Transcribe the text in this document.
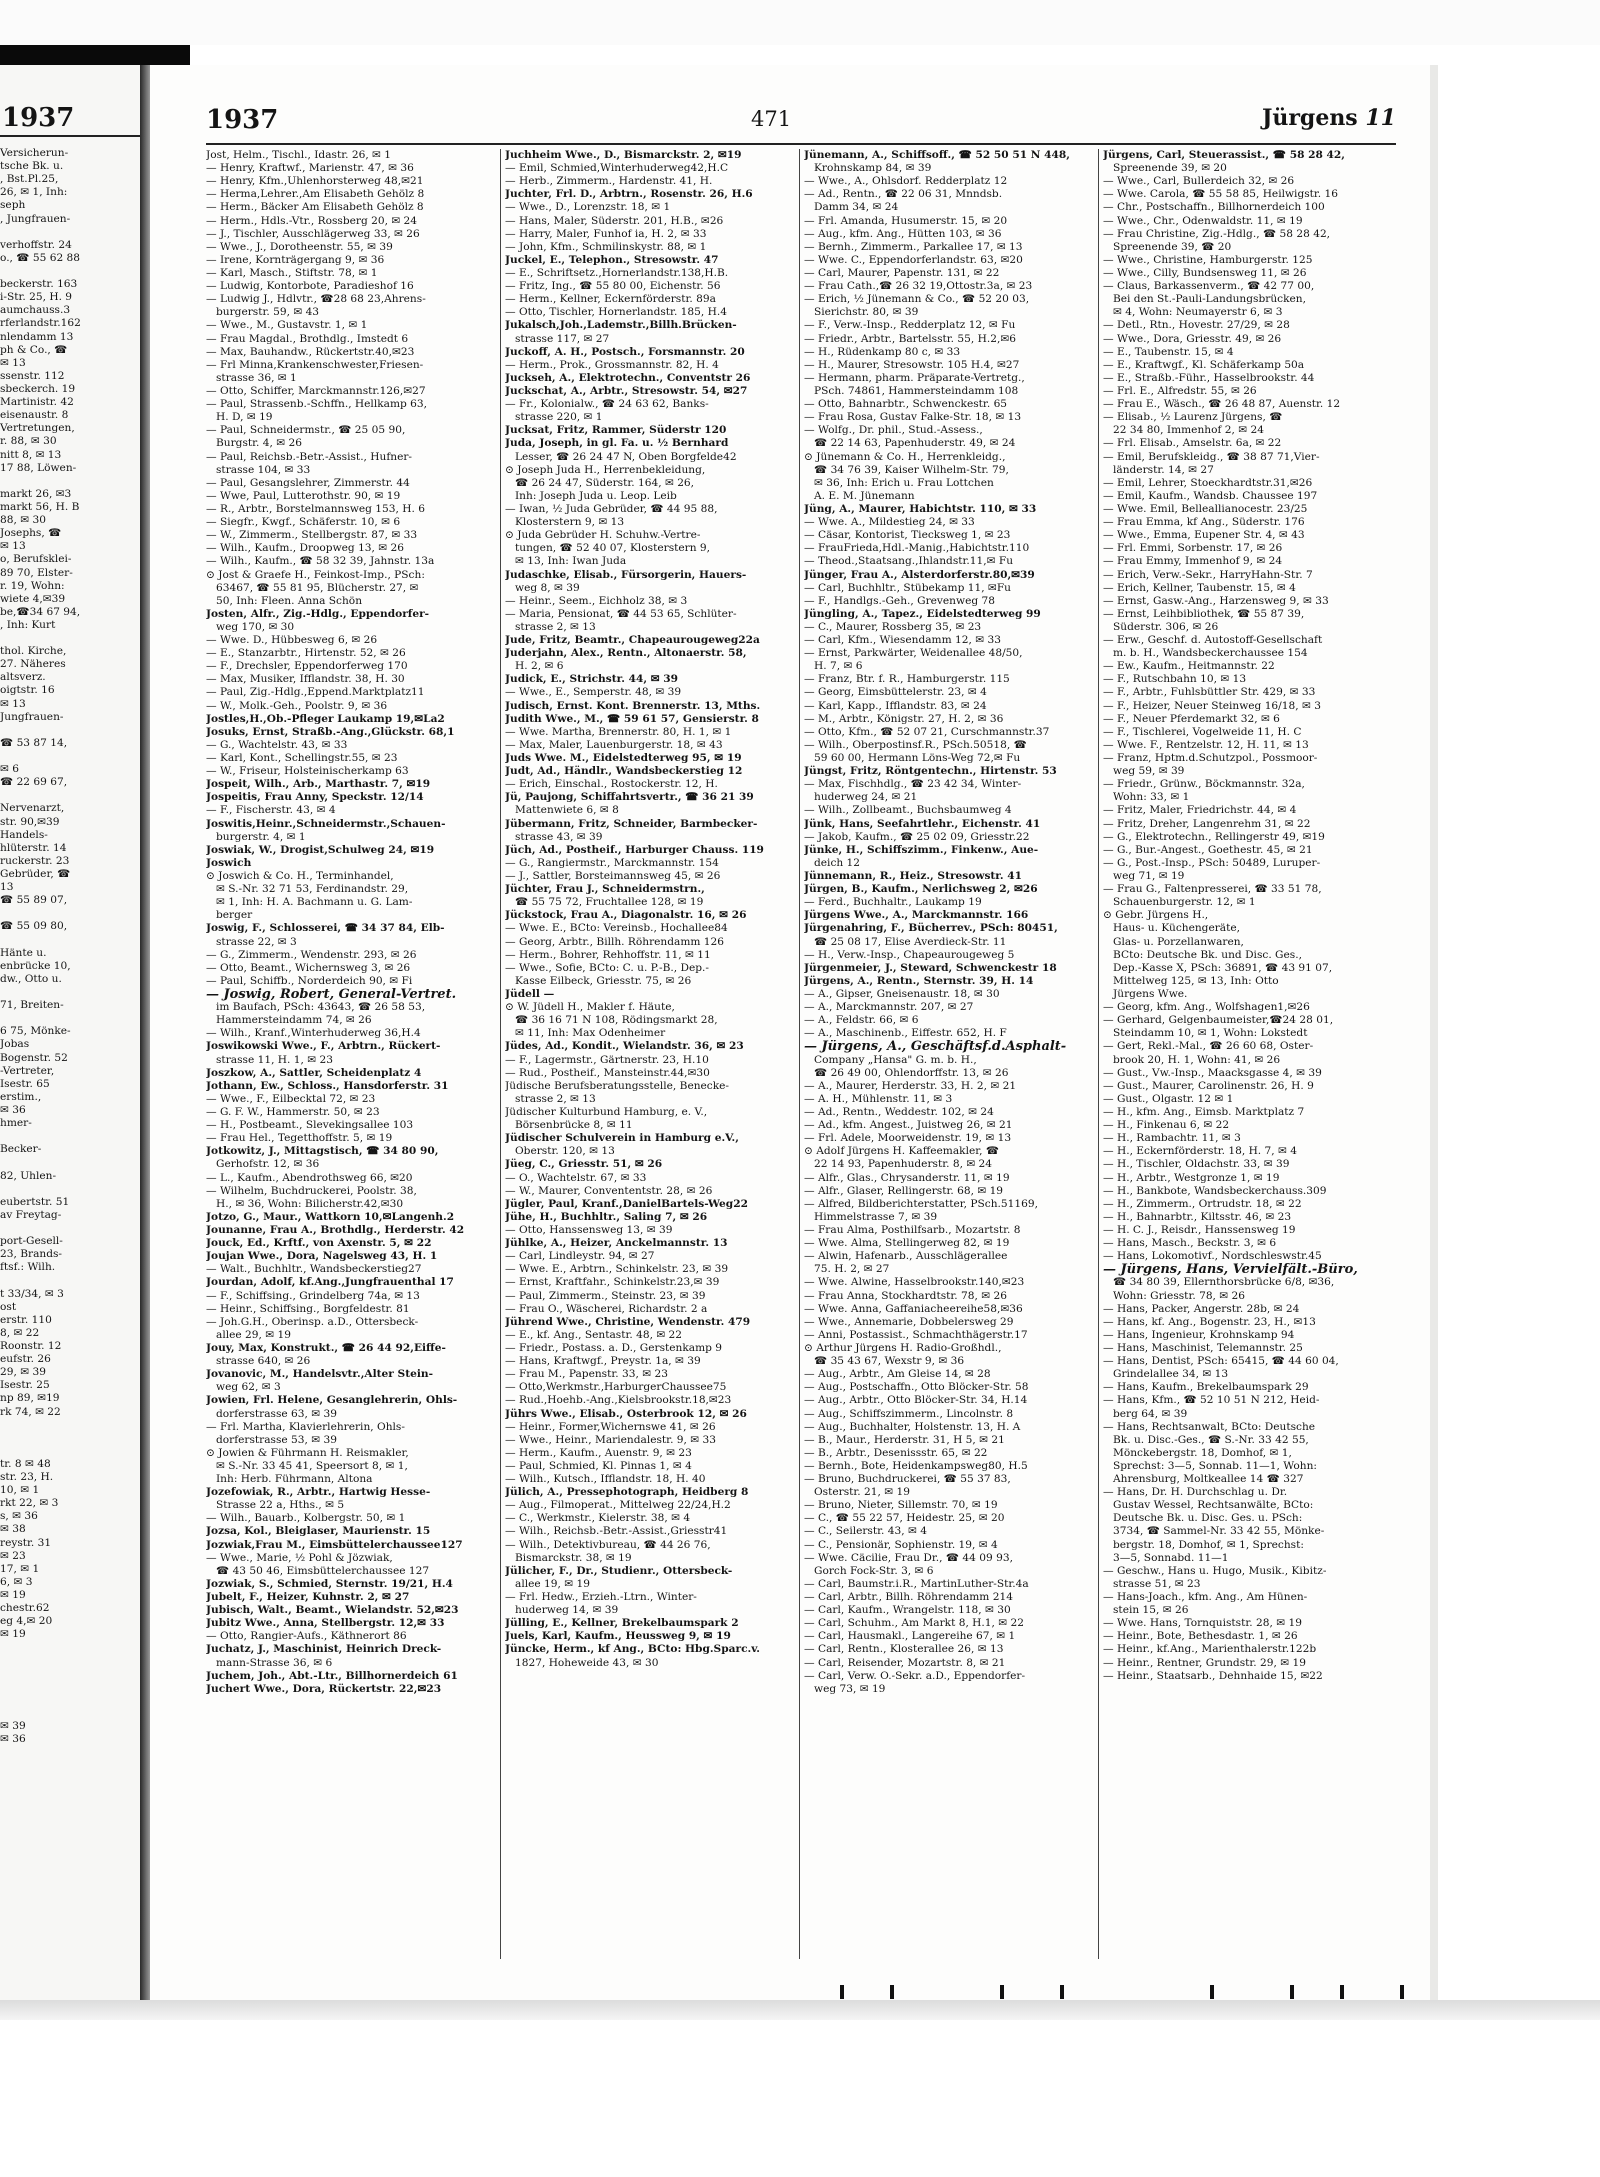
1937
Versicherun-
tsche Bk. u.
, Bst.Pl.25,
26, ✉ 1, Inh:
seph
, Jungfrauen-
verhoffstr. 24
o., ☎ 55 62 88
beckerstr. 163
i-Str. 25, H. 9
aumchauss.3
rferlandstr.162
nlendamm 13
ph & Co., ☎
✉ 13
ssenstr. 112
sbeckerch. 19
Martinistr. 42
eisenaustr. 8
Vertretungen,
r. 88, ✉ 30
nitt 8, ✉ 13
17 88, Löwen-
markt 26, ✉3
markt 56, H. B
88, ✉ 30
Josephs, ☎
✉ 13
o, Berufsklei-
89 70, Elster-
r. 19, Wohn:
wiete 4,✉39
be,☎34 67 94,
, Inh: Kurt
thol. Kirche,
27. Näheres
altsverz.
oigtstr. 16
✉ 13
Jungfrauen-
☎ 53 87 14,
✉ 6
☎ 22 69 67,
Nervenarzt,
str. 90,✉39
Handels-
hlüterstr. 14
ruckerstr. 23
Gebrüder, ☎
13
☎ 55 89 07,
☎ 55 09 80,
Hänte u.
enbrücke 10,
dw., Otto u.
71, Breiten-
6 75, Mönke-
Jobas
Bogenstr. 52
-Vertreter,
Isestr. 65
erstim.,
✉ 36
hmer-
Becker-
82, Uhlen-
eubertstr. 51
av Freytag-
port-Gesell-
23, Brands-
ftsf.: Wilh.
t 33/34, ✉ 3
ost
erstr. 110
8, ✉ 22
Roonstr. 12
eufstr. 26
29, ✉ 39
Isestr. 25
np 89, ✉19
rk 74, ✉ 22
tr. 8 ✉ 48
str. 23, H.
10, ✉ 1
rkt 22, ✉ 3
s, ✉ 36
✉ 38
reystr. 31
✉ 23
17, ✉ 1
6, ✉ 3
✉ 19
chestr.62
eg 4,✉ 20
✉ 19
✉ 39
✉ 36
1937	471	Jürgens 11
Jost, Helm., Tischl., Idastr. 26, ✉ 1
— Henry, Kraftwf., Marienstr. 47, ✉ 36
— Henry, Kfm.,Uhlenhorsterweg 48,✉21
— Herma,Lehrer.,Am Elisabeth Gehölz 8
— Herm., Bäcker Am Elisabeth Gehölz 8
— Herm., Hdls.-Vtr., Rossberg 20, ✉ 24
— J., Tischler, Ausschlägerweg 33, ✉ 26
— Wwe., J., Dorotheenstr. 55, ✉ 39
— Irene, Kornträgergang 9, ✉ 36
— Karl, Masch., Stiftstr. 78, ✉ 1
— Ludwig, Kontorbote, Paradieshof 16
— Ludwig J., Hdlvtr., ☎28 68 23,Ahrens-
burgerstr. 59, ✉ 43
— Wwe., M., Gustavstr. 1, ✉ 1
— Frau Magdal., Brothdlg., Imstedt 6
— Max, Bauhandw., Rückertstr.40,✉23
— Frl Minna,Krankenschwester,Friesen-
strasse 36, ✉ 1
— Otto, Schiffer, Marckmannstr.126,✉27
— Paul, Strassenb.-Schffn., Hellkamp 63,
H. D, ✉ 19
— Paul, Schneidermstr., ☎ 25 05 90,
Burgstr. 4, ✉ 26
— Paul, Reichsb.-Betr.-Assist., Hufner-
strasse 104, ✉ 33
— Paul, Gesangslehrer, Zimmerstr. 44
— Wwe, Paul, Lutterothstr. 90, ✉ 19
— R., Arbtr., Borstelmannsweg 153, H. 6
— Siegfr., Kwgf., Schäferstr. 10, ✉ 6
— W., Zimmerm., Stellbergstr. 87, ✉ 33
— Wilh., Kaufm., Droopweg 13, ✉ 26
— Wilh., Kaufm., ☎ 58 32 39, Jahnstr. 13a
⊙ Jost & Graefe H., Feinkost-Imp., PSch:
63467, ☎ 55 81 95, Blücherstr. 27, ✉
50, Inh: Fleen. Anna Schön
Josten, Alfr., Zig.-Hdlg., Eppendorfer-
weg 170, ✉ 30
— Wwe. D., Hübbesweg 6, ✉ 26
— E., Stanzarbtr., Hirtenstr. 52, ✉ 26
— F., Drechsler, Eppendorferweg 170
— Max, Musiker, Ifflandstr. 38, H. 30
— Paul, Zig.-Hdlg.,Eppend.Marktplatz11
— W., Molk.-Geh., Poolstr. 9, ✉ 36
Jostles,H.,Ob.-Pfleger Laukamp 19,✉La2
Josuks, Ernst, Straßb.-Ang.,Glückstr. 68,1
— G., Wachtelstr. 43, ✉ 33
— Karl, Kont., Schellingstr.55, ✉ 23
— W., Friseur, Holsteinischerkamp 63
Jospeit, Wilh., Arb., Marthastr. 7, ✉19
Jospeitis, Frau Anny, Speckstr. 12/14
— F., Fischerstr. 43, ✉ 4
Joswitis,Heinr.,Schneidermstr.,Schauen-
burgerstr. 4, ✉ 1
Joswiak, W., Drogist,Schulweg 24, ✉19
Joswich
⊙ Joswich & Co. H., Terminhandel,
✉ S.-Nr. 32 71 53, Ferdinandstr. 29,
✉ 1, Inh: H. A. Bachmann u. G. Lam-
berger
Joswig, F., Schlosserei, ☎ 34 37 84, Elb-
strasse 22, ✉ 3
— G., Zimmerm., Wendenstr. 293, ✉ 26
— Otto, Beamt., Wichernsweg 3, ✉ 26
— Paul, Schiffb., Norderdeich 90, ✉ Fi
— Joswig, Robert, General-Vertret.
im Baufach, PSch: 43643, ☎ 26 58 53,
Hammersteindamm 74, ✉ 26
— Wilh., Kranf.,Winterhuderweg 36,H.4
Joswikowski Wwe., F., Arbtrn., Rückert-
strasse 11, H. 1, ✉ 23
Joszkow, A., Sattler, Scheidenplatz 4
Jothann, Ew., Schloss., Hansdorferstr. 31
— Wwe., F., Eilbecktal 72, ✉ 23
— G. F. W., Hammerstr. 50, ✉ 23
— H., Postbeamt., Slevekingsallee 103
— Frau Hel., Tegetthoffstr. 5, ✉ 19
Jotkowitz, J., Mittagstisch, ☎ 34 80 90,
Gerhofstr. 12, ✉ 36
— L., Kaufm., Abendrothsweg 66, ✉20
— Wilhelm, Buchdruckerei, Poolstr. 38,
H., ✉ 36, Wohn: Bilicherstr.42,✉30
Jotzo, G., Maur., Wattkorn 10,✉Langenh.2
Jounanne, Frau A., Brothdlg., Herderstr. 42
Jouck, Ed., Krftf., von Axenstr. 5, ✉ 22
Joujan Wwe., Dora, Nagelsweg 43, H. 1
— Walt., Buchhltr., Wandsbeckerstieg27
Jourdan, Adolf, kf.Ang.,Jungfrauenthal 17
— F., Schiffsing., Grindelberg 74a, ✉ 13
— Heinr., Schiffsing., Borgfeldestr. 81
— Joh.G.H., Oberinsp. a.D., Ottersbeck-
allee 29, ✉ 19
Jouy, Max, Konstrukt., ☎ 26 44 92,Eiffe-
strasse 640, ✉ 26
Jovanovic, M., Handelsvtr.,Alter Stein-
weg 62, ✉ 3
Jowien, Frl. Helene, Gesanglehrerin, Ohls-
dorferstrasse 63, ✉ 39
— Frl. Martha, Klavierlehrerin, Ohls-
dorferstrasse 53, ✉ 39
⊙ Jowien & Führmann H. Reismakler,
✉ S.-Nr. 33 45 41, Speersort 8, ✉ 1,
Inh: Herb. Führmann, Altona
Jozefowiak, R., Arbtr., Hartwig Hesse-
Strasse 22 a, Hths., ✉ 5
— Wilh., Bauarb., Kolbergstr. 50, ✉ 1
Jozsa, Kol., Bleiglaser, Maurienstr. 15
Jozwiak,Frau M., Eimsbüttelerchaussee127
— Wwe., Marie, ½ Pohl & Jözwiak,
☎ 43 50 46, Eimsbüttelerchaussee 127
Jozwiak, S., Schmied, Sternstr. 19/21, H.4
Jubelt, F., Heizer, Kuhnstr. 2, ✉ 27
Jubisch, Walt., Beamt., Wielandstr. 52,✉23
Jubitz Wwe., Anna, Stellbergstr. 12,✉ 33
— Otto, Rangier-Aufs., Käthnerort 86
Juchatz, J., Maschinist, Heinrich Dreck-
mann-Strasse 36, ✉ 6
Juchem, Joh., Abt.-Ltr., Billhornerdeich 61
Juchert Wwe., Dora, Rückertstr. 22,✉23
Juchheim Wwe., D., Bismarckstr. 2, ✉19
— Emil, Schmied,Winterhuderweg42,H.C
— Herb., Zimmerm., Hardenstr. 41, H.
Juchter, Frl. D., Arbtrn., Rosenstr. 26, H.6
— Wwe., D., Lorenzstr. 18, ✉ 1
— Hans, Maler, Süderstr. 201, H.B., ✉26
— Harry, Maler, Funhof ia, H. 2, ✉ 33
— John, Kfm., Schmilinskystr. 88, ✉ 1
Juckel, E., Telephon., Stresowstr. 47
— E., Schriftsetz.,Hornerlandstr.138,H.B.
— Fritz, Ing., ☎ 55 80 00, Eichenstr. 56
— Herm., Kellner, Eckernförderstr. 89a
— Otto, Tischler, Hornerlandstr. 185, H.4
Jukalsch,Joh.,Lademstr.,Billh.Brücken-
strasse 117, ✉ 27
Juckoff, A. H., Postsch., Forsmannstr. 20
— Herm., Prok., Grossmannstr. 82, H. 4
Juckseh, A., Elektrotechn., Conventstr 26
Juckschat, A., Arbtr., Stresowstr. 54, ✉27
— Fr., Kolonialw., ☎ 24 63 62, Banks-
strasse 220, ✉ 1
Jucksat, Fritz, Rammer, Süderstr 120
Juda, Joseph, in gl. Fa. u. ½ Bernhard
Lesser, ☎ 26 24 47 N, Oben Borgfelde42
⊙ Joseph Juda H., Herrenbekleidung,
☎ 26 24 47, Süderstr. 164, ✉ 26,
Inh: Joseph Juda u. Leop. Leib
— Iwan, ½ Juda Gebrüder, ☎ 44 95 88,
Klosterstern 9, ✉ 13
⊙ Juda Gebrüder H. Schuhw.-Vertre-
tungen, ☎ 52 40 07, Klosterstern 9,
✉ 13, Inh: Iwan Juda
Judaschke, Elisab., Fürsorgerin, Hauers-
weg 8, ✉ 39
— Heinr., Seem., Eichholz 38, ✉ 3
— Maria, Pensionat, ☎ 44 53 65, Schlüter-
strasse 2, ✉ 13
Jude, Fritz, Beamtr., Chapeaurougeweg22a
Juderjahn, Alex., Rentn., Altonaerstr. 58,
H. 2, ✉ 6
Judick, E., Strichstr. 44, ✉ 39
— Wwe., E., Semperstr. 48, ✉ 39
Judisch, Ernst. Kont. Brennerstr. 13, Mths.
Judith Wwe., M., ☎ 59 61 57, Gensierstr. 8
— Wwe. Martha, Brennerstr. 80, H. 1, ✉ 1
— Max, Maler, Lauenburgerstr. 18, ✉ 43
Juds Wwe. M., Eidelstedterweg 95, ✉ 19
Judt, Ad., Händlr., Wandsbeckerstieg 12
— Erich, Einschal., Rostockerstr. 12, H.
Jü, Paujong, Schiffahrtsvertr., ☎ 36 21 39
Mattenwiete 6, ✉ 8
Jübermann, Fritz, Schneider, Barmbecker-
strasse 43, ✉ 39
Jüch, Ad., Postheif., Harburger Chauss. 119
— G., Rangiermstr., Marckmannstr. 154
— J., Sattler, Borsteimannsweg 45, ✉ 26
Jüchter, Frau J., Schneidermstrn.,
☎ 55 75 72, Fruchtallee 128, ✉ 19
Jückstock, Frau A., Diagonalstr. 16, ✉ 26
— Wwe. E., BCto: Vereinsb., Hochallee84
— Georg, Arbtr., Billh. Röhrendamm 126
— Herm., Bohrer, Rehhoffstr. 11, ✉ 11
— Wwe., Sofie, BCto: C. u. P.-B., Dep.-
Kasse Eilbeck, Griesstr. 75, ✉ 26
Jüdell —
⊙ W. Jüdell H., Makler f. Häute,
☎ 36 16 71 N 108, Rödingsmarkt 28,
✉ 11, Inh: Max Odenheimer
Jüdes, Ad., Kondit., Wielandstr. 36, ✉ 23
— F., Lagermstr., Gärtnerstr. 23, H.10
— Rud., Postheif., Mansteinstr.44,✉30
Jüdische Berufsberatungsstelle, Benecke-
strasse 2, ✉ 13
Jüdischer Kulturbund Hamburg, e. V.,
Börsenbrücke 8, ✉ 11
Jüdischer Schulverein in Hamburg e.V.,
Oberstr. 120, ✉ 13
Jüeg, C., Griesstr. 51, ✉ 26
— O., Wachtelstr. 67, ✉ 33
— W., Maurer, Convententstr. 28, ✉ 26
Jügler, Paul, Kranf.,DanielBartels-Weg22
Jühe, H., Buchhltr., Saling 7, ✉ 26
— Otto, Hanssensweg 13, ✉ 39
Jühlke, A., Heizer, Anckelmannstr. 13
— Carl, Lindleystr. 94, ✉ 27
— Wwe. E., Arbtrn., Schinkelstr. 23, ✉ 39
— Ernst, Kraftfahr., Schinkelstr.23,✉ 39
— Paul, Zimmerm., Steinstr. 23, ✉ 39
— Frau O., Wäscherei, Richardstr. 2 a
Jührend Wwe., Christine, Wendenstr. 479
— E., kf. Ang., Sentastr. 48, ✉ 22
— Friedr., Postass. a. D., Gerstenkamp 9
— Hans, Kraftwgf., Preystr. 1a, ✉ 39
— Frau M., Papenstr. 33, ✉ 23
— Otto,Werkmstr.,HarburgerChaussee75
— Rud.,Hoehb.-Ang.,Kielsbrookstr.18,✉23
Jührs Wwe., Elisab., Osterbrook 12, ✉ 26
— Heinr., Former,Wichernswe 41, ✉ 26
— Wwe., Heinr., Mariendalestr. 9, ✉ 33
— Herm., Kaufm., Auenstr. 9, ✉ 23
— Paul, Schmied, Kl. Pinnas 1, ✉ 4
— Wilh., Kutsch., Ifflandstr. 18, H. 40
Jülich, A., Pressephotograph, Heidberg 8
— Aug., Filmoperat., Mittelweg 22/24,H.2
— C., Werkmstr., Kielerstr. 38, ✉ 4
— Wilh., Reichsb.-Betr.-Assist.,Griesstr41
— Wilh., Detektivbureau, ☎ 44 26 76,
Bismarckstr. 38, ✉ 19
Jülicher, F., Dr., Studienr., Ottersbeck-
allee 19, ✉ 19
— Frl. Hedw., Erzieh.-Ltrn., Winter-
huderweg 14, ✉ 39
Jülling, E., Kellner, Brekelbaumspark 2
Juels, Karl, Kaufm., Heussweg 9, ✉ 19
Jüncke, Herm., kf Ang., BCto: Hbg.Sparc.v.
1827, Hoheweide 43, ✉ 30
Jünemann, A., Schiffsoff., ☎ 52 50 51 N 448,
Krohnskamp 84, ✉ 39
— Wwe., A., Ohlsdorf. Redderplatz 12
— Ad., Rentn., ☎ 22 06 31, Mnndsb.
Damm 34, ✉ 24
— Frl. Amanda, Husumerstr. 15, ✉ 20
— Aug., kfm. Ang., Hütten 103, ✉ 36
— Bernh., Zimmerm., Parkallee 17, ✉ 13
— Wwe. C., Eppendorferlandstr. 63, ✉20
— Carl, Maurer, Papenstr. 131, ✉ 22
— Frau Cath.,☎ 26 32 19,Ottostr.3a, ✉ 23
— Erich, ½ Jünemann & Co., ☎ 52 20 03,
Sierichstr. 80, ✉ 39
— F., Verw.-Insp., Redderplatz 12, ✉ Fu
— Friedr., Arbtr., Bartelsstr. 55, H.2,✉6
— H., Rüdenkamp 80 c, ✉ 33
— H., Maurer, Stresowstr. 105 H.4, ✉27
— Hermann, pharm. Präparate-Vertretg.,
PSch. 74861, Hammersteindamm 108
— Otto, Bahnarbtr., Schwenckestr. 65
— Frau Rosa, Gustav Falke-Str. 18, ✉ 13
— Wolfg., Dr. phil., Stud.-Assess.,
☎ 22 14 63, Papenhuderstr. 49, ✉ 24
⊙ Jünemann & Co. H., Herrenkleidg.,
☎ 34 76 39, Kaiser Wilhelm-Str. 79,
✉ 36, Inh: Erich u. Frau Lottchen
A. E. M. Jünemann
Jüng, A., Maurer, Habichtstr. 110, ✉ 33
— Wwe. A., Mildestieg 24, ✉ 33
— Cäsar, Kontorist, Tiecksweg 1, ✉ 23
— FrauFrieda,Hdl.-Manig.,Habichtstr.110
— Theod.,Staatsang.,Ihlandstr.11,✉ Fu
Jünger, Frau A., Alsterdorferstr.80,✉39
— Carl, Buchhltr., Stübekamp 11, ✉Fu
— F., Handlgs.-Geh., Grevenweg 78
Jüngling, A., Tapez., Eidelstedterweg 99
— C., Maurer, Rossberg 35, ✉ 23
— Carl, Kfm., Wiesendamm 12, ✉ 33
— Ernst, Parkwärter, Weidenallee 48/50,
H. 7, ✉ 6
— Franz, Btr. f. R., Hamburgerstr. 115
— Georg, Eimsbüttelerstr. 23, ✉ 4
— Karl, Kapp., Ifflandstr. 83, ✉ 24
— M., Arbtr., Königstr. 27, H. 2, ✉ 36
— Otto, Kfm., ☎ 52 07 21, Curschmannstr.37
— Wilh., Oberpostinsf.R., PSch.50518, ☎
59 60 00, Hermann Löns-Weg 72,✉ Fu
Jüngst, Fritz, Röntgentechn., Hirtenstr. 53
— Max, Fischhdlg., ☎ 23 42 34, Winter-
huderweg 24, ✉ 21
— Wilh., Zollbeamt., Buchsbaumweg 4
Jünk, Hans, Seefahrtlehr., Eichenstr. 41
— Jakob, Kaufm., ☎ 25 02 09, Griesstr.22
Jünke, H., Schiffszimm., Finkenw., Aue-
deich 12
Jünnemann, R., Heiz., Stresowstr. 41
Jürgen, B., Kaufm., Nerlichsweg 2, ✉26
— Ferd., Buchhaltr., Laukamp 19
Jürgens Wwe., A., Marckmannstr. 166
Jürgenahring, F., Bücherrev., PSch: 80451,
☎ 25 08 17, Elise Averdieck-Str. 11
— H., Verw.-Insp., Chapeaurougeweg 5
Jürgenmeier, J., Steward, Schwenckestr 18
Jürgens, A., Rentn., Sternstr. 39, H. 14
— A., Gipser, Gneisenaustr. 18, ✉ 30
— A., Marckmannstr. 207, ✉ 27
— A., Feldstr. 66, ✉ 6
— A., Maschinenb., Eiffestr. 652, H. F
— Jürgens, A., Geschäftsf.d.Asphalt-
Company „Hansa" G. m. b. H.,
☎ 26 49 00, Ohlendorffstr. 13, ✉ 26
— A., Maurer, Herderstr. 33, H. 2, ✉ 21
— A. H., Mühlenstr. 11, ✉ 3
— Ad., Rentn., Weddestr. 102, ✉ 24
— Ad., kfm. Angest., Juistweg 26, ✉ 21
— Frl. Adele, Moorweidenstr. 19, ✉ 13
⊙ Adolf Jürgens H. Kaffeemakler, ☎
22 14 93, Papenhuderstr. 8, ✉ 24
— Alfr., Glas., Chrysanderstr. 11, ✉ 19
— Alfr., Glaser, Rellingerstr. 68, ✉ 19
— Alfred, Bildberichterstatter, PSch.51169,
Himmelstrasse 7, ✉ 39
— Frau Alma, Posthilfsarb., Mozartstr. 8
— Wwe. Alma, Stellingerweg 82, ✉ 19
— Alwin, Hafenarb., Ausschlägerallee
75. H. 2, ✉ 27
— Wwe. Alwine, Hasselbrookstr.140,✉23
— Frau Anna, Stockhardtstr. 78, ✉ 26
— Wwe. Anna, Gaffaniacheereihe58,✉36
— Wwe., Annemarie, Dobbelersweg 29
— Anni, Postassist., Schmachthägerstr.17
⊙ Arthur Jürgens H. Radio-Großhdl.,
☎ 35 43 67, Wexstr 9, ✉ 36
— Aug., Arbtr., Am Gleise 14, ✉ 28
— Aug., Postschaffn., Otto Blöcker-Str. 58
— Aug., Arbtr., Otto Blöcker-Str. 34, H.14
— Aug., Schiffszimmerm., Lincolnstr. 8
— Aug., Buchhalter, Holstenstr. 13, H. A
— B., Maur., Herderstr. 31, H 5, ✉ 21
— B., Arbtr., Desenissstr. 65, ✉ 22
— Bernh., Bote, Heidenkampsweg80, H.5
— Bruno, Buchdruckerei, ☎ 55 37 83,
Osterstr. 21, ✉ 19
— Bruno, Nieter, Sillemstr. 70, ✉ 19
— C., ☎ 55 22 57, Heidestr. 25, ✉ 20
— C., Seilerstr. 43, ✉ 4
— C., Pensionär, Sophienstr. 19, ✉ 4
— Wwe. Cäcilie, Frau Dr., ☎ 44 09 93,
Gorch Fock-Str. 3, ✉ 6
— Carl, Baumstr.i.R., MartinLuther-Str.4a
— Carl, Arbtr., Billh. Röhrendamm 214
— Carl, Kaufm., Wrangelstr. 118, ✉ 30
— Carl, Schuhm., Am Markt 8, H.1, ✉ 22
— Carl, Hausmakl., Langereihe 67, ✉ 1
— Carl, Rentn., Klosterallee 26, ✉ 13
— Carl, Reisender, Mozartstr. 8, ✉ 21
— Carl, Verw. O.-Sekr. a.D., Eppendorfer-
weg 73, ✉ 19
Jürgens, Carl, Steuerassist., ☎ 58 28 42,
Spreenende 39, ✉ 20
— Wwe., Carl, Bullerdeich 32, ✉ 26
— Wwe. Carola, ☎ 55 58 85, Heilwigstr. 16
— Chr., Postschaffn., Billhornerdeich 100
— Wwe., Chr., Odenwaldstr. 11, ✉ 19
— Frau Christine, Zig.-Hdlg., ☎ 58 28 42,
Spreenende 39, ☎ 20
— Wwe., Christine, Hamburgerstr. 125
— Wwe., Cilly, Bundsensweg 11, ✉ 26
— Claus, Barkassenverm., ☎ 42 77 00,
Bei den St.-Pauli-Landungsbrücken,
✉ 4, Wohn: Neumayerstr 6, ✉ 3
— Detl., Rtn., Hovestr. 27/29, ✉ 28
— Wwe., Dora, Griesstr. 49, ✉ 26
— E., Taubenstr. 15, ✉ 4
— E., Kraftwgf., Kl. Schäferkamp 50a
— E., Straßb.-Führ., Hasselbrookstr. 44
— Frl. E., Alfredstr. 55, ✉ 26
— Frau E., Wäsch., ☎ 26 48 87, Auenstr. 12
— Elisab., ½ Laurenz Jürgens, ☎
22 34 80, Immenhof 2, ✉ 24
— Frl. Elisab., Amselstr. 6a, ✉ 22
— Emil, Berufskleidg., ☎ 38 87 71,Vier-
länderstr. 14, ✉ 27
— Emil, Lehrer, Stoeckhardtstr.31,✉26
— Emil, Kaufm., Wandsb. Chaussee 197
— Wwe. Emil, Belleallianocestr. 23/25
— Frau Emma, kf Ang., Süderstr. 176
— Wwe., Emma, Eupener Str. 4, ✉ 43
— Frl. Emmi, Sorbenstr. 17, ✉ 26
— Frau Emmy, Immenhof 9, ✉ 24
— Erich, Verw.-Sekr., HarryHahn-Str. 7
— Erich, Kellner, Taubenstr. 15, ✉ 4
— Ernst, Gasw.-Ang., Harzensweg 9, ✉ 33
— Ernst, Leihbibliothek, ☎ 55 87 39,
Süderstr. 306, ✉ 26
— Erw., Geschf. d. Autostoff-Gesellschaft
m. b. H., Wandsbeckerchaussee 154
— Ew., Kaufm., Heitmannstr. 22
— F., Rutschbahn 10, ✉ 13
— F., Arbtr., Fuhlsbüttler Str. 429, ✉ 33
— F., Heizer, Neuer Steinweg 16/18, ✉ 3
— F., Neuer Pferdemarkt 32, ✉ 6
— F., Tischlerei, Vogelweide 11, H. C
— Wwe. F., Rentzelstr. 12, H. 11, ✉ 13
— Franz, Hptm.d.Schutzpol., Possmoor-
weg 59, ✉ 39
— Friedr., Grünw., Böckmannstr. 32a,
Wohn: 33, ✉ 1
— Fritz, Maler, Friedrichstr. 44, ✉ 4
— Fritz, Dreher, Langenrehm 31, ✉ 22
— G., Elektrotechn., Rellingerstr 49, ✉19
— G., Bur.-Angest., Goethestr. 45, ✉ 21
— G., Post.-Insp., PSch: 50489, Luruper-
weg 71, ✉ 19
— Frau G., Faltenpresserei, ☎ 33 51 78,
Schauenburgerstr. 12, ✉ 1
⊙ Gebr. Jürgens H.,
Haus- u. Küchengeräte,
Glas- u. Porzellanwaren,
BCto: Deutsche Bk. und Disc. Ges.,
Dep.-Kasse X, PSch: 36891, ☎ 43 91 07,
Mittelweg 125, ✉ 13, Inh: Otto
Jürgens Wwe.
— Georg, kfm. Ang., Wolfshagen1,✉26
— Gerhard, Gelgenbaumeister,☎24 28 01,
Steindamm 10, ✉ 1, Wohn: Lokstedt
— Gert, Rekl.-Mal., ☎ 26 60 68, Oster-
brook 20, H. 1, Wohn: 41, ✉ 26
— Gust., Vw.-Insp., Maacksgasse 4, ✉ 39
— Gust., Maurer, Carolinenstr. 26, H. 9
— Gust., Olgastr. 12 ✉ 1
— H., kfm. Ang., Eimsb. Marktplatz 7
— H., Finkenau 6, ✉ 22
— H., Rambachtr. 11, ✉ 3
— H., Eckernförderstr. 18, H. 7, ✉ 4
— H., Tischler, Oldachstr. 33, ✉ 39
— H., Arbtr., Westgronze 1, ✉ 19
— H., Bankbote, Wandsbeckerchauss.309
— H., Zimmerm., Ortrudstr. 18, ✉ 22
— H., Bahnarbtr., Kiltsstr. 46, ✉ 23
— H. C. J., Reisdr., Hanssensweg 19
— Hans, Masch., Beckstr. 3, ✉ 6
— Hans, Lokomotivf., Nordschleswstr.45
— Jürgens, Hans, Vervielfält.-Büro,
☎ 34 80 39, Ellernthorsbrücke 6/8, ✉36,
Wohn: Griesstr. 78, ✉ 26
— Hans, Packer, Angerstr. 28b, ✉ 24
— Hans, kf. Ang., Bogenstr. 23, H., ✉13
— Hans, Ingenieur, Krohnskamp 94
— Hans, Maschinist, Telemannstr. 25
— Hans, Dentist, PSch: 65415, ☎ 44 60 04,
Grindelallee 34, ✉ 13
— Hans, Kaufm., Brekelbaumspark 29
— Hans, Kfm., ☎ 52 10 51 N 212, Heid-
berg 64, ✉ 39
— Hans, Rechtsanwalt, BCto: Deutsche
Bk. u. Disc.-Ges., ☎ S.-Nr. 33 42 55,
Mönckebergstr. 18, Domhof, ✉ 1,
Sprechst: 3—5, Sonnab. 11—1, Wohn:
Ahrensburg, Moltkeallee 14 ☎ 327
— Hans, Dr. H. Durchschlag u. Dr.
Gustav Wessel, Rechtsanwälte, BCto:
Deutsche Bk. u. Disc. Ges. u. PSch:
3734, ☎ Sammel-Nr. 33 42 55, Mönke-
bergstr. 18, Domhof, ✉ 1, Sprechst:
3—5, Sonnabd. 11—1
— Geschw., Hans u. Hugo, Musik., Kibitz-
strasse 51, ✉ 23
— Hans-Joach., kfm. Ang., Am Hünen-
stein 15, ✉ 26
— Wwe. Hans, Tornquiststr. 28, ✉ 19
— Heinr., Bote, Bethesdastr. 1, ✉ 26
— Heinr., kf.Ang., Marienthalerstr.122b
— Heinr., Rentner, Grundstr. 29, ✉ 19
— Heinr., Staatsarb., Dehnhaide 15, ✉22
